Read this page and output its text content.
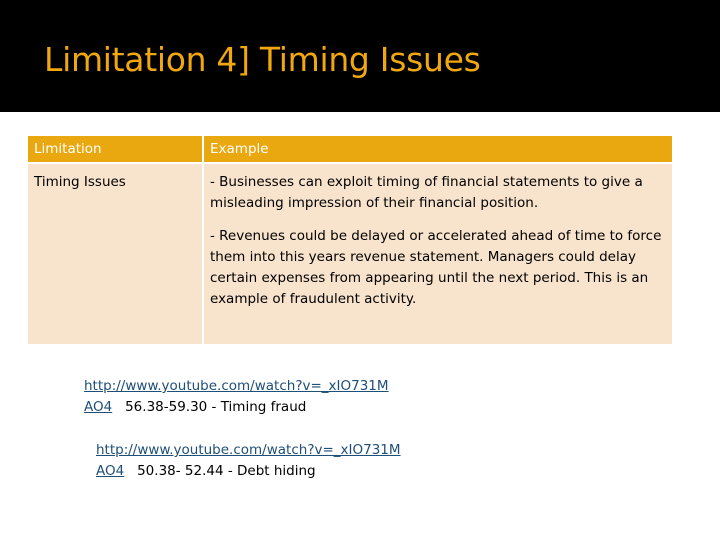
Limitation 4] Timing Issues
Limitation	Example

Timing Issues	- Businesses can exploit timing of financial statements to give a misleading impression of their financial position.

- Revenues could be delayed or accelerated ahead of time to force them into this years revenue statement. Managers could delay certain expenses from appearing until the next period. This is an example of fraudulent activity.

http://www.youtube.com/watch?v=_xIO731M
AO4 56.38-59.30 - Timing fraud
http://www.youtube.com/watch?v=_xIO731M
AO4 50.38- 52.44 - Debt hiding
